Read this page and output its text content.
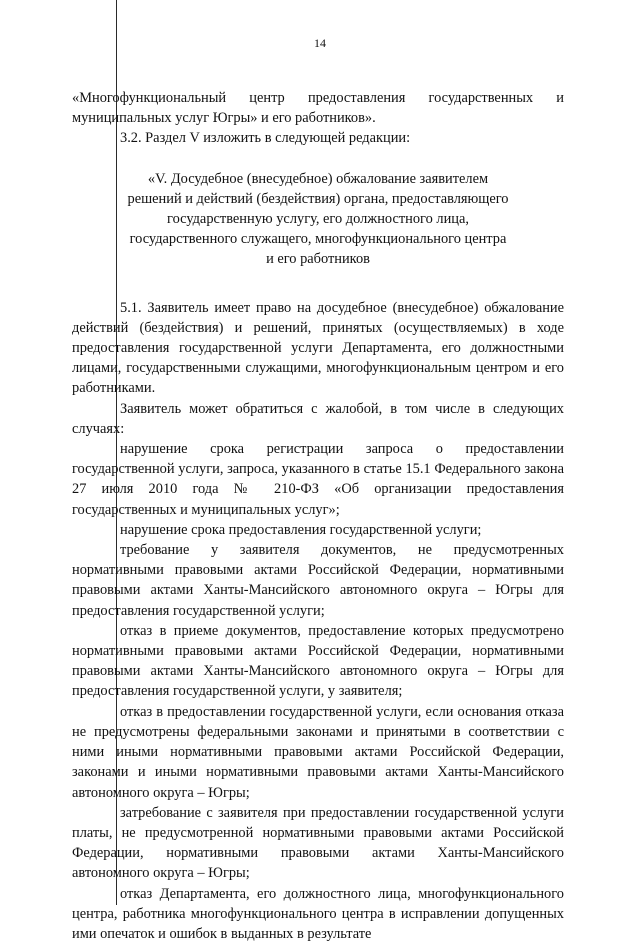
14

«Многофункциональный центр предоставления государственных и муниципальных услуг Югры» и его работников».

3.2. Раздел V изложить в следующей редакции:

«V. Досудебное (внесудебное) обжалование заявителем
решений и действий (бездействия) органа, предоставляющего
государственную услугу, его должностного лица,
государственного служащего, многофункционального центра
и его работников

5.1. Заявитель имеет право на досудебное (внесудебное) обжалование действий (бездействия) и решений, принятых (осуществляемых) в ходе предоставления государственной услуги Департамента, его должностными лицами, государственными служащими, многофункциональным центром и его работниками.

Заявитель может обратиться с жалобой, в том числе в следующих случаях:

нарушение срока регистрации запроса о предоставлении государственной услуги, запроса, указанного в статье 15.1 Федерального закона 27 июля 2010 года № 210-ФЗ «Об организации предоставления государственных и муниципальных услуг»;

нарушение срока предоставления государственной услуги;

требование у заявителя документов, не предусмотренных нормативными правовыми актами Российской Федерации, нормативными правовыми актами Ханты-Мансийского автономного округа – Югры для предоставления государственной услуги;

отказ в приеме документов, предоставление которых предусмотрено нормативными правовыми актами Российской Федерации, нормативными правовыми актами Ханты-Мансийского автономного округа – Югры для предоставления государственной услуги, у заявителя;

отказ в предоставлении государственной услуги, если основания отказа не предусмотрены федеральными законами и принятыми в соответствии с ними иными нормативными правовыми актами Российской Федерации, законами и иными нормативными правовыми актами Ханты-Мансийского автономного округа – Югры;

затребование с заявителя при предоставлении государственной услуги платы, не предусмотренной нормативными правовыми актами Российской Федерации, нормативными правовыми актами Ханты-Мансийского автономного округа – Югры;

отказ Департамента, его должностного лица, многофункционального центра, работника многофункционального центра в исправлении допущенных ими опечаток и ошибок в выданных в результате
